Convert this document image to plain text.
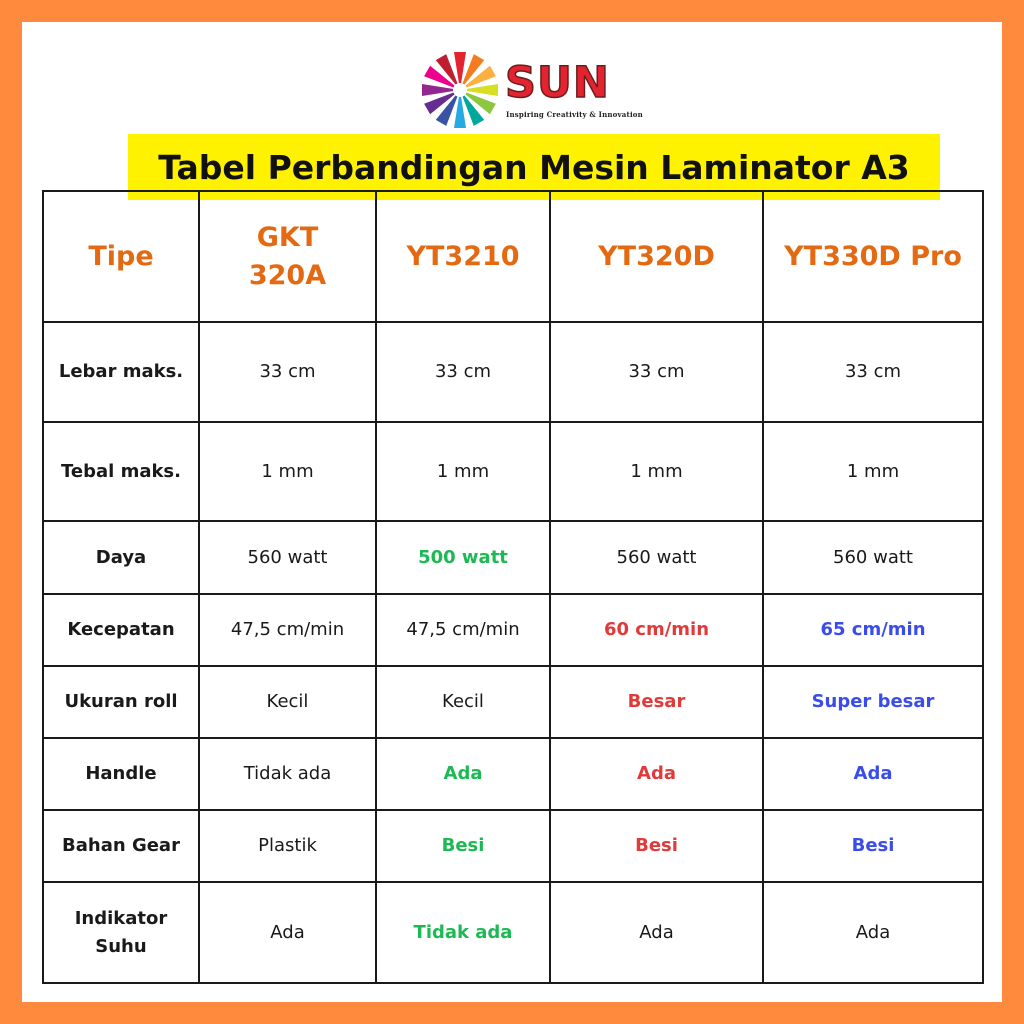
SUN
Inspiring Creativity & Innovation
Tabel Perbandingan Mesin Laminator A3
Tipe	GKT 320A	YT3210	YT320D	YT330D Pro
Lebar maks.	33 cm	33 cm	33 cm	33 cm
Tebal maks.	1 mm	1 mm	1 mm	1 mm
Daya	560 watt	500 watt	560 watt	560 watt
Kecepatan	47,5 cm/min	47,5 cm/min	60 cm/min	65 cm/min
Ukuran roll	Kecil	Kecil	Besar	Super besar
Handle	Tidak ada	Ada	Ada	Ada
Bahan Gear	Plastik	Besi	Besi	Besi
Indikator Suhu	Ada	Tidak ada	Ada	Ada
